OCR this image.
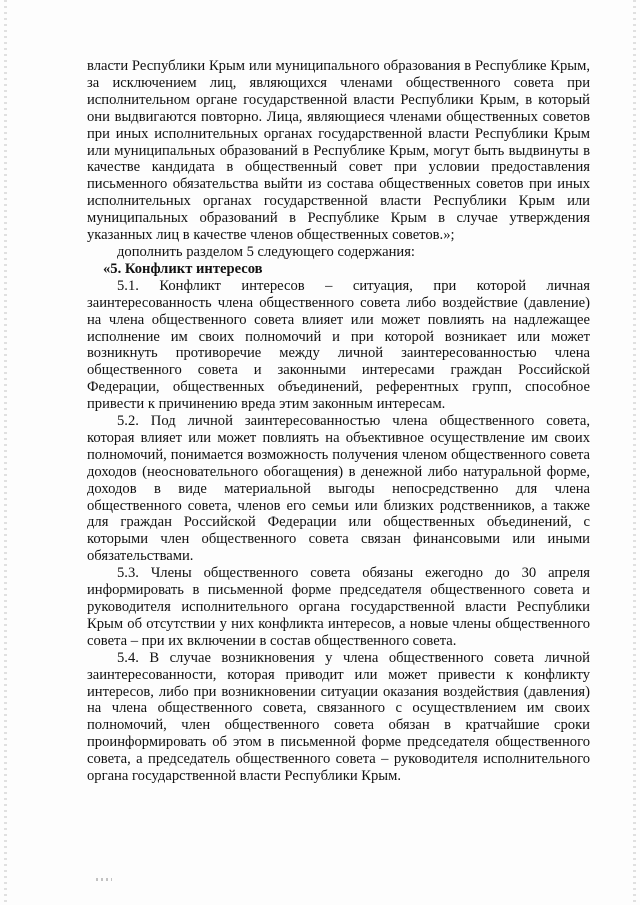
власти Республики Крым или муниципального образования в Республике Крым, за исключением лиц, являющихся членами общественного совета при исполнительном органе государственной власти Республики Крым, в который они выдвигаются повторно. Лица, являющиеся членами общественных советов при иных исполнительных органах государственной власти Республики Крым или муниципальных образований в Республике Крым, могут быть выдвинуты в качестве кандидата в общественный совет при условии предоставления письменного обязательства выйти из состава общественных советов при иных исполнительных органах государственной власти Республики Крым или муниципальных образований в Республике Крым в случае утверждения указанных лиц в качестве членов общественных советов.»;

дополнить разделом 5 следующего содержания:

«5. Конфликт интересов

5.1. Конфликт интересов – ситуация, при которой личная заинтересованность члена общественного совета либо воздействие (давление) на члена общественного совета влияет или может повлиять на надлежащее исполнение им своих полномочий и при которой возникает или может возникнуть противоречие между личной заинтересованностью члена общественного совета и законными интересами граждан Российской Федерации, общественных объединений, референтных групп, способное привести к причинению вреда этим законным интересам.

5.2. Под личной заинтересованностью члена общественного совета, которая влияет или может повлиять на объективное осуществление им своих полномочий, понимается возможность получения членом общественного совета доходов (неосновательного обогащения) в денежной либо натуральной форме, доходов в виде материальной выгоды непосредственно для члена общественного совета, членов его семьи или близких родственников, а также для граждан Российской Федерации или общественных объединений, с которыми член общественного совета связан финансовыми или иными обязательствами.

5.3. Члены общественного совета обязаны ежегодно до 30 апреля информировать в письменной форме председателя общественного совета и руководителя исполнительного органа государственной власти Республики Крым об отсутствии у них конфликта интересов, а новые члены общественного совета – при их включении в состав общественного совета.

5.4. В случае возникновения у члена общественного совета личной заинтересованности, которая приводит или может привести к конфликту интересов, либо при возникновении ситуации оказания воздействия (давления) на члена общественного совета, связанного с осуществлением им своих полномочий, член общественного совета обязан в кратчайшие сроки проинформировать об этом в письменной форме председателя общественного совета, а председатель общественного совета – руководителя исполнительного органа государственной власти Республики Крым.
